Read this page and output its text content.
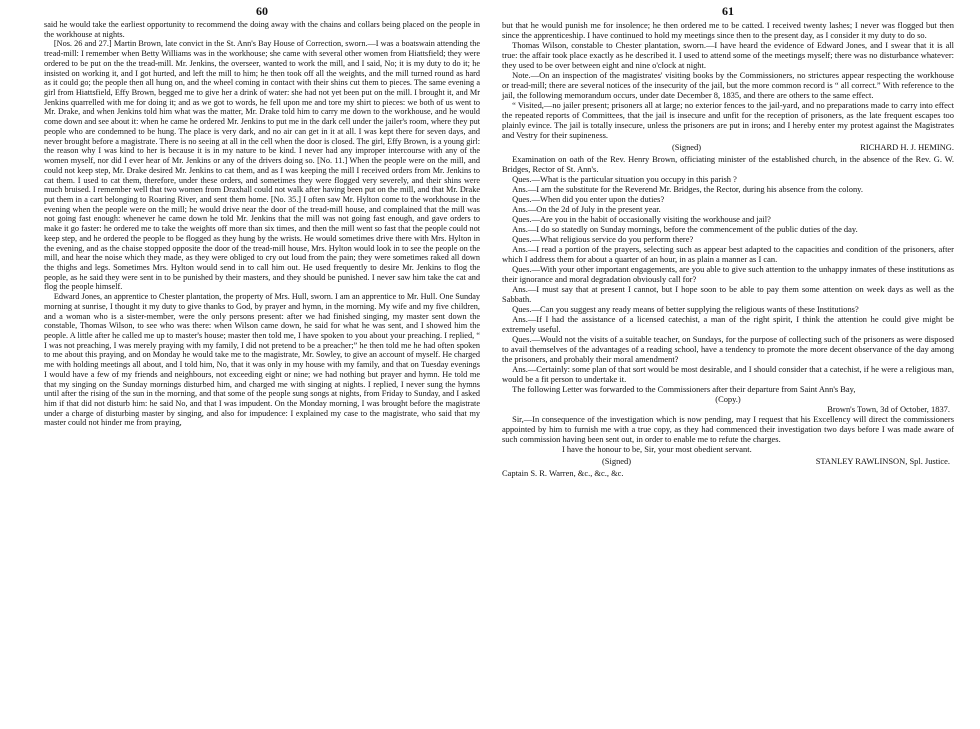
60

said he would take the earliest opportunity to recommend the doing away with the chains and collars being placed on the people in the workhouse at nights.

[Nos. 26 and 27.] Martin Brown, late convict in the St. Ann's Bay House of Correction, sworn.—I was a boatswain attending the tread-mill: I remember when Betty Williams was in the workhouse; she came with several other women from Hiattsfield; they were ordered to be put on the the tread-mill. Mr. Jenkins, the overseer, wanted to work the mill, and I said, No; it is my duty to do it; he insisted on working it, and I got hurted, and left the mill to him; he then took off all the weights, and the mill turned round as hard as it could go; the people then all hung on, and the wheel coming in contact with their shins cut them to pieces. The same evening a girl from Hiattsfield, Effy Brown, begged me to give her a drink of water: she had not yet been put on the mill. I brought it, and Mr Jenkins quarrelled with me for doing it; and as we got to words, he fell upon me and tore my shirt to pieces: we both of us went to Mr. Drake, and when Jenkins told him what was the matter, Mr. Drake told him to carry me down to the workhouse, and he would come down and see about it: when he came he ordered Mr. Jenkins to put me in the dark cell under the jailer's room, where they put people who are condemned to be hung. The place is very dark, and no air can get in it at all. I was kept there for seven days, and never brought before a magistrate. There is no seeing at all in the cell when the door is closed. The girl, Effy Brown, is a young girl: the reason why I was kind to her is because it is in my nature to be kind. I never had any improper intercourse with any of the women myself, nor did I ever hear of Mr. Jenkins or any of the drivers doing so. [No. 11.] When the people were on the mill, and could not keep step, Mr. Drake desired Mr. Jenkins to cat them, and as I was keeping the mill I received orders from Mr. Jenkins to cat them. I used to cat them, therefore, under these orders, and sometimes they were flogged very severely, and their shins were much bruised. I remember well that two women from Draxhall could not walk after having been put on the mill, and that Mr. Drake put them in a cart belonging to Roaring River, and sent them home. [No. 35.] I often saw Mr. Hylton come to the workhouse in the evening when the people were on the mill; he would drive near the door of the tread-mill house, and complained that the mill was not going fast enough: whenever he came down he told Mr. Jenkins that the mill was not going fast enough, and gave orders to make it go faster: he ordered me to take the weights off more than six times, and then the mill went so fast that the people could not keep step, and he ordered the people to be flogged as they hung by the wrists. He would sometimes drive there with Mrs. Hylton in the evening, and as the chaise stopped opposite the door of the tread-mill house, Mrs. Hylton would look in to see the people on the mill, and hear the noise which they made, as they were obliged to cry out loud from the pain; they were sometimes raked all down the thighs and legs. Sometimes Mrs. Hylton would send in to call him out. He used frequently to desire Mr. Jenkins to flog the people, as he said they were sent in to be punished by their masters, and they should be punished. I never saw him take the cat and flog the people himself.

Edward Jones, an apprentice to Chester plantation, the property of Mrs. Hull, sworn. I am an apprentice to Mr. Hull. One Sunday morning at sunrise, I thought it my duty to give thanks to God, by prayer and hymn, in the morning. My wife and my five children, and a woman who is a sister-member, were the only persons present: after we had finished singing, my master sent down the constable, Thomas Wilson, to see who was there: when Wilson came down, he said for what he was sent, and I showed him the people. A little after he called me up to master's house; master then told me, I have spoken to you about your preaching. I replied, “ I was not preaching, I was merely praying with my family, I did not pretend to be a preacher;” he then told me he had often spoken to me about this praying, and on Monday he would take me to the magistrate, Mr. Sowley, to give an account of myself. He charged me with holding meetings all about, and I told him, No, that it was only in my house with my family, and that on Tuesday evenings I would have a few of my friends and neighbours, not exceeding eight or nine; we had nothing but prayer and hymn. He told me that my singing on the Sunday mornings disturbed him, and charged me with singing at nights. I replied, I never sung the hymns until after the rising of the sun in the morning, and that some of the people sung songs at nights, from Friday to Sunday, and I asked him if that did not disturb him: he said No, and that I was impudent. On the Monday morning, I was brought before the magistrate under a charge of disturbing master by singing, and also for impudence: I explained my case to the magistrate, who said that my master could not hinder me from praying,

61

but that he would punish me for insolence; he then ordered me to be catted. I received twenty lashes; I never was flogged but then since the apprenticeship. I have continued to hold my meetings since then to the present day, as I consider it my duty to do so.

Thomas Wilson, constable to Chester plantation, sworn.—I have heard the evidence of Edward Jones, and I swear that it is all true: the affair took place exactly as he described it. I used to attend some of the meetings myself; there was no disturbance whatever: they used to be over between eight and nine o'clock at night.

Note.—On an inspection of the magistrates' visiting books by the Commissioners, no strictures appear respecting the workhouse or tread-mill; there are several notices of the insecurity of the jail, but the more common record is “ all correct.” With reference to the jail, the following memorandum occurs, under date December 8, 1835, and there are others to the same effect.

“ Visited,—no jailer present; prisoners all at large; no exterior fences to the jail-yard, and no preparations made to carry into effect the repeated reports of Committees, that the jail is insecure and unfit for the reception of prisoners, as the late frequent escapes too plainly evince. The jail is totally insecure, unless the prisoners are put in irons; and I hereby enter my protest against the Magistrates and Vestry for their supineness.

(Signed)	RICHARD H. J. HEMING.

Examination on oath of the Rev. Henry Brown, officiating minister of the established church, in the absence of the Rev. G. W. Bridges, Rector of St. Ann's.

Ques.—What is the particular situation you occupy in this parish ?

Ans.—I am the substitute for the Reverend Mr. Bridges, the Rector, during his absence from the colony.

Ques.—When did you enter upon the duties?

Ans.—On the 2d of July in the present year.

Ques.—Are you in the habit of occasionally visiting the workhouse and jail?

Ans.—I do so statedly on Sunday mornings, before the commencement of the public duties of the day.

Ques.—What religious service do you perform there?

Ans.—I read a portion of the prayers, selecting such as appear best adapted to the capacities and condition of the prisoners, after which I address them for about a quarter of an hour, in as plain a manner as I can.

Ques.—With your other important engagements, are you able to give such attention to the unhappy inmates of these institutions as their ignorance and moral degradation obviously call for?

Ans.—I must say that at present I cannot, but I hope soon to be able to pay them some attention on week days as well as the Sabbath.

Ques.—Can you suggest any ready means of better supplying the religious wants of these Institutions?

Ans.—If I had the assistance of a licensed catechist, a man of the right spirit, I think the attention he could give might be extremely useful.

Ques.—Would not the visits of a suitable teacher, on Sundays, for the purpose of collecting such of the prisoners as were disposed to avail themselves of the advantages of a reading school, have a tendency to promote the more decent observance of the day among the prisoners, and probably their moral amendment?

Ans.—Certainly: some plan of that sort would be most desirable, and I should consider that a catechist, if he were a religious man, would be a fit person to undertake it.

The following Letter was forwarded to the Commissioners after their departure from Saint Ann's Bay,

(Copy.)

Brown's Town, 3d of October, 1837.

Sir,—In consequence of the investigation which is now pending, may I request that his Excellency will direct the commissioners appointed by him to furnish me with a true copy, as they had commenced their investigation two days before I was made aware of such commission having been sent out, in order to enable me to refute the charges.

I have the honour to be, Sir, your most obedient servant.
(Signed)	STANLEY RAWLINSON, Spl. Justice.
Captain S. R. Warren, &c., &c., &c.
